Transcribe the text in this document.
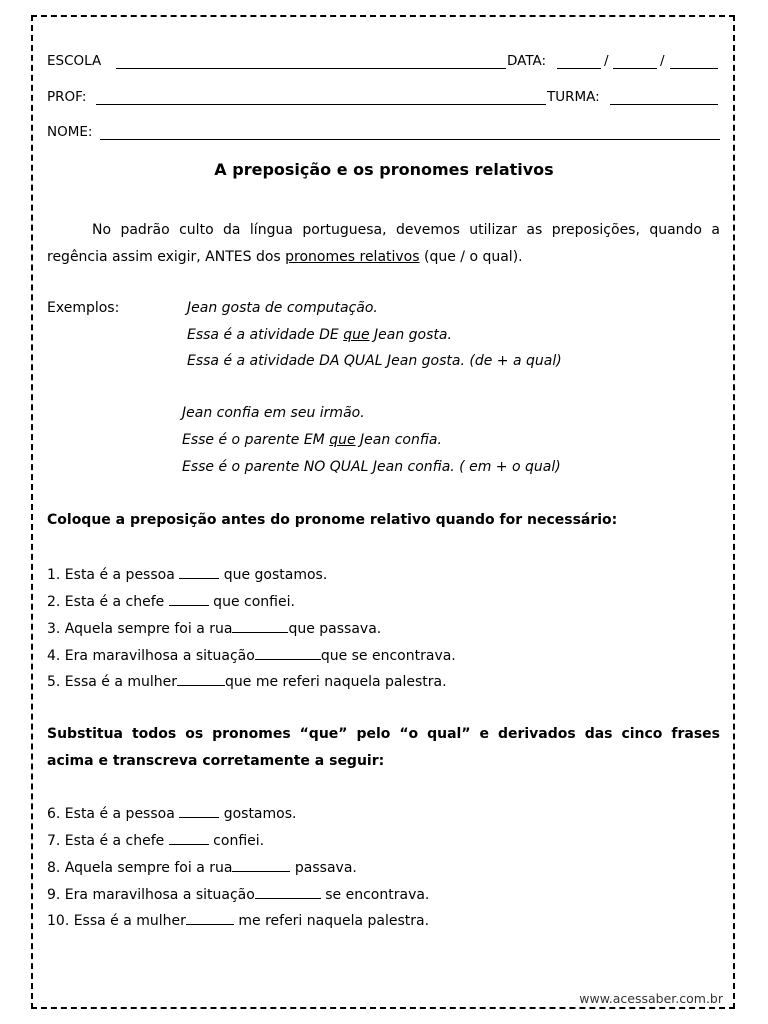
ESCOLA	DATA:	/	/
PROF:	TURMA:
NOME:
A preposição e os pronomes relativos
No padrão culto da língua portuguesa, devemos utilizar as preposições, quando a regência assim exigir, ANTES dos pronomes relativos (que / o qual).
Exemplos:	Jean gosta de computação.
Essa é a atividade DE que Jean gosta.
Essa é a atividade DA QUAL Jean gosta. (de + a qual)
Jean confia em seu irmão.
Esse é o parente EM que Jean confia.
Esse é o parente NO QUAL Jean confia. ( em + o qual)
Coloque a preposição antes do pronome relativo quando for necessário:
1. Esta é a pessoa	que gostamos.
2. Esta é a chefe	que confiei.
3. Aquela sempre foi a rua	que passava.
4. Era maravilhosa a situação	que se encontrava.
5. Essa é a mulher	que me referi naquela palestra.
Substitua todos os pronomes “que” pelo “o qual” e derivados das cinco frases acima e transcreva corretamente a seguir:
6. Esta é a pessoa	gostamos.
7. Esta é a chefe	confiei.
8. Aquela sempre foi a rua	passava.
9. Era maravilhosa a situação	se encontrava.
10. Essa é a mulher	me referi naquela palestra.
www.acessaber.com.br
